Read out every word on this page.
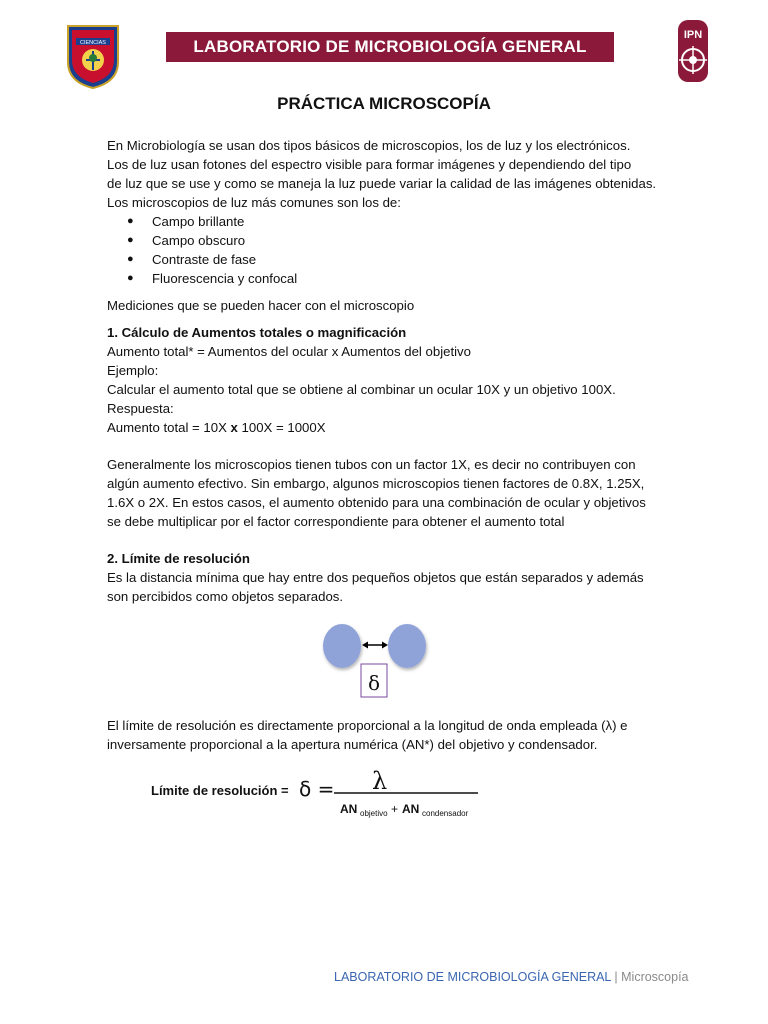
CIENCIAS	LABORATORIO DE MICROBIOLOGÍA GENERAL
IPN
PRÁCTICA MICROSCOPÍA

En Microbiología se usan dos tipos básicos de microscopios, los de luz y los electrónicos.

Los de luz usan fotones del espectro visible para formar imágenes y dependiendo del tipo

de luz que se use y como se maneja la luz puede variar la calidad de las imágenes obtenidas.

Los microscopios de luz más comunes son los de:

● Campo brillante
● Campo obscuro
● Contraste de fase
● Fluorescencia y confocal

Mediciones que se pueden hacer con el microscopio

1. Cálculo de Aumentos totales o magnificación

Aumento total* = Aumentos del ocular x Aumentos del objetivo

Ejemplo:

Calcular el aumento total que se obtiene al combinar un ocular 10X y un objetivo 100X.

Respuesta:

Aumento total = 10X x 100X = 1000X

Generalmente los microscopios tienen tubos con un factor 1X, es decir no contribuyen con

algún aumento efectivo. Sin embargo, algunos microscopios tienen factores de 0.8X, 1.25X,

1.6X o 2X. En estos casos, el aumento obtenido para una combinación de ocular y objetivos

se debe multiplicar por el factor correspondiente para obtener el aumento total

2. Límite de resolución

Es la distancia mínima que hay entre dos pequeños objetos que están separados y además

son percibidos como objetos separados.

δ

El límite de resolución es directamente proporcional a la longitud de onda empleada (λ) e

inversamente proporcional a la apertura numérica (AN*) del objetivo y condensador.

Límite de resolución = δ = λ
AN objetivo + AN condensador
LABORATORIO DE MICROBIOLOGÍA GENERAL | Microscopía
